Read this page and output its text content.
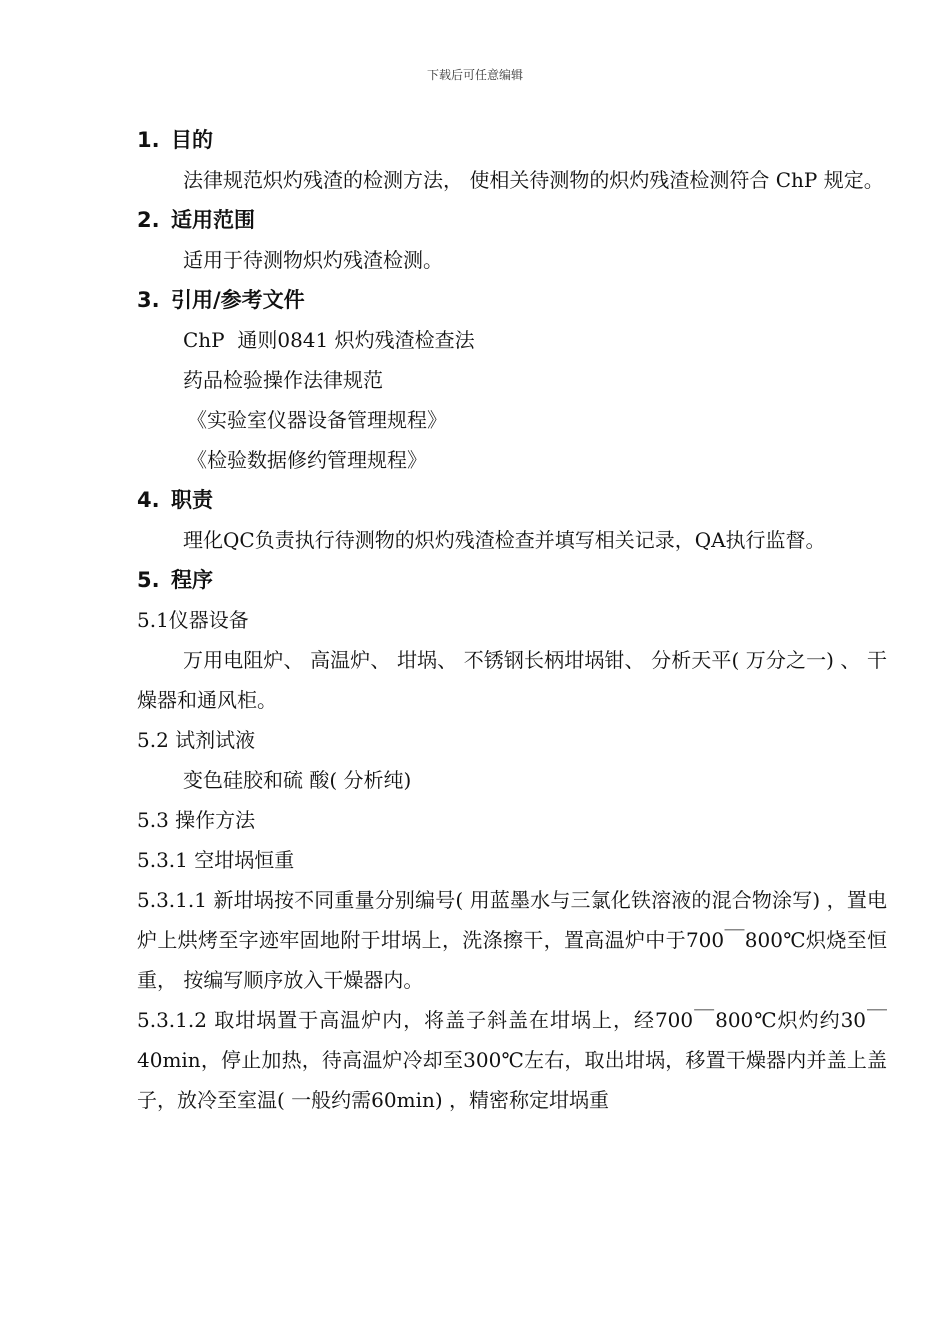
下载后可任意编辑
1. 目的
法律规范炽灼残渣的检测方法， 使相关待测物的炽灼残渣检测符合 ChP 规定。
2. 适用范围
适用于待测物炽灼残渣检测。
3. 引用/参考文件
ChP  通则0841 炽灼残渣检查法
药品检验操作法律规范
《实验室仪器设备管理规程》
《检验数据修约管理规程》
4. 职责
理化QC负责执行待测物的炽灼残渣检查并填写相关记录，QA执行监督。
5. 程序
5.1仪器设备
万用电阻炉、 高温炉、 坩埚、 不锈钢长柄坩埚钳、 分析天平( 万分之一) 、 干燥器和通风柜。
5.2 试剂试液
变色硅胶和硫 酸( 分析纯)
5.3 操作方法
5.3.1 空坩埚恒重
5.3.1.1 新坩埚按不同重量分别编号( 用蓝墨水与三氯化铁溶液的混合物涂写) ，置电炉上烘烤至字迹牢固地附于坩埚上，洗涤擦干，置高温炉中于700￣800℃炽烧至恒重， 按编写顺序放入干燥器内。
5.3.1.2 取坩埚置于高温炉内，将盖子斜盖在坩埚上，经700￣800℃炽灼约30￣40min，停止加热，待高温炉冷却至300℃左右，取出坩埚，移置干燥器内并盖上盖子，放冷至室温( 一般约需60min) ，精密称定坩埚重
